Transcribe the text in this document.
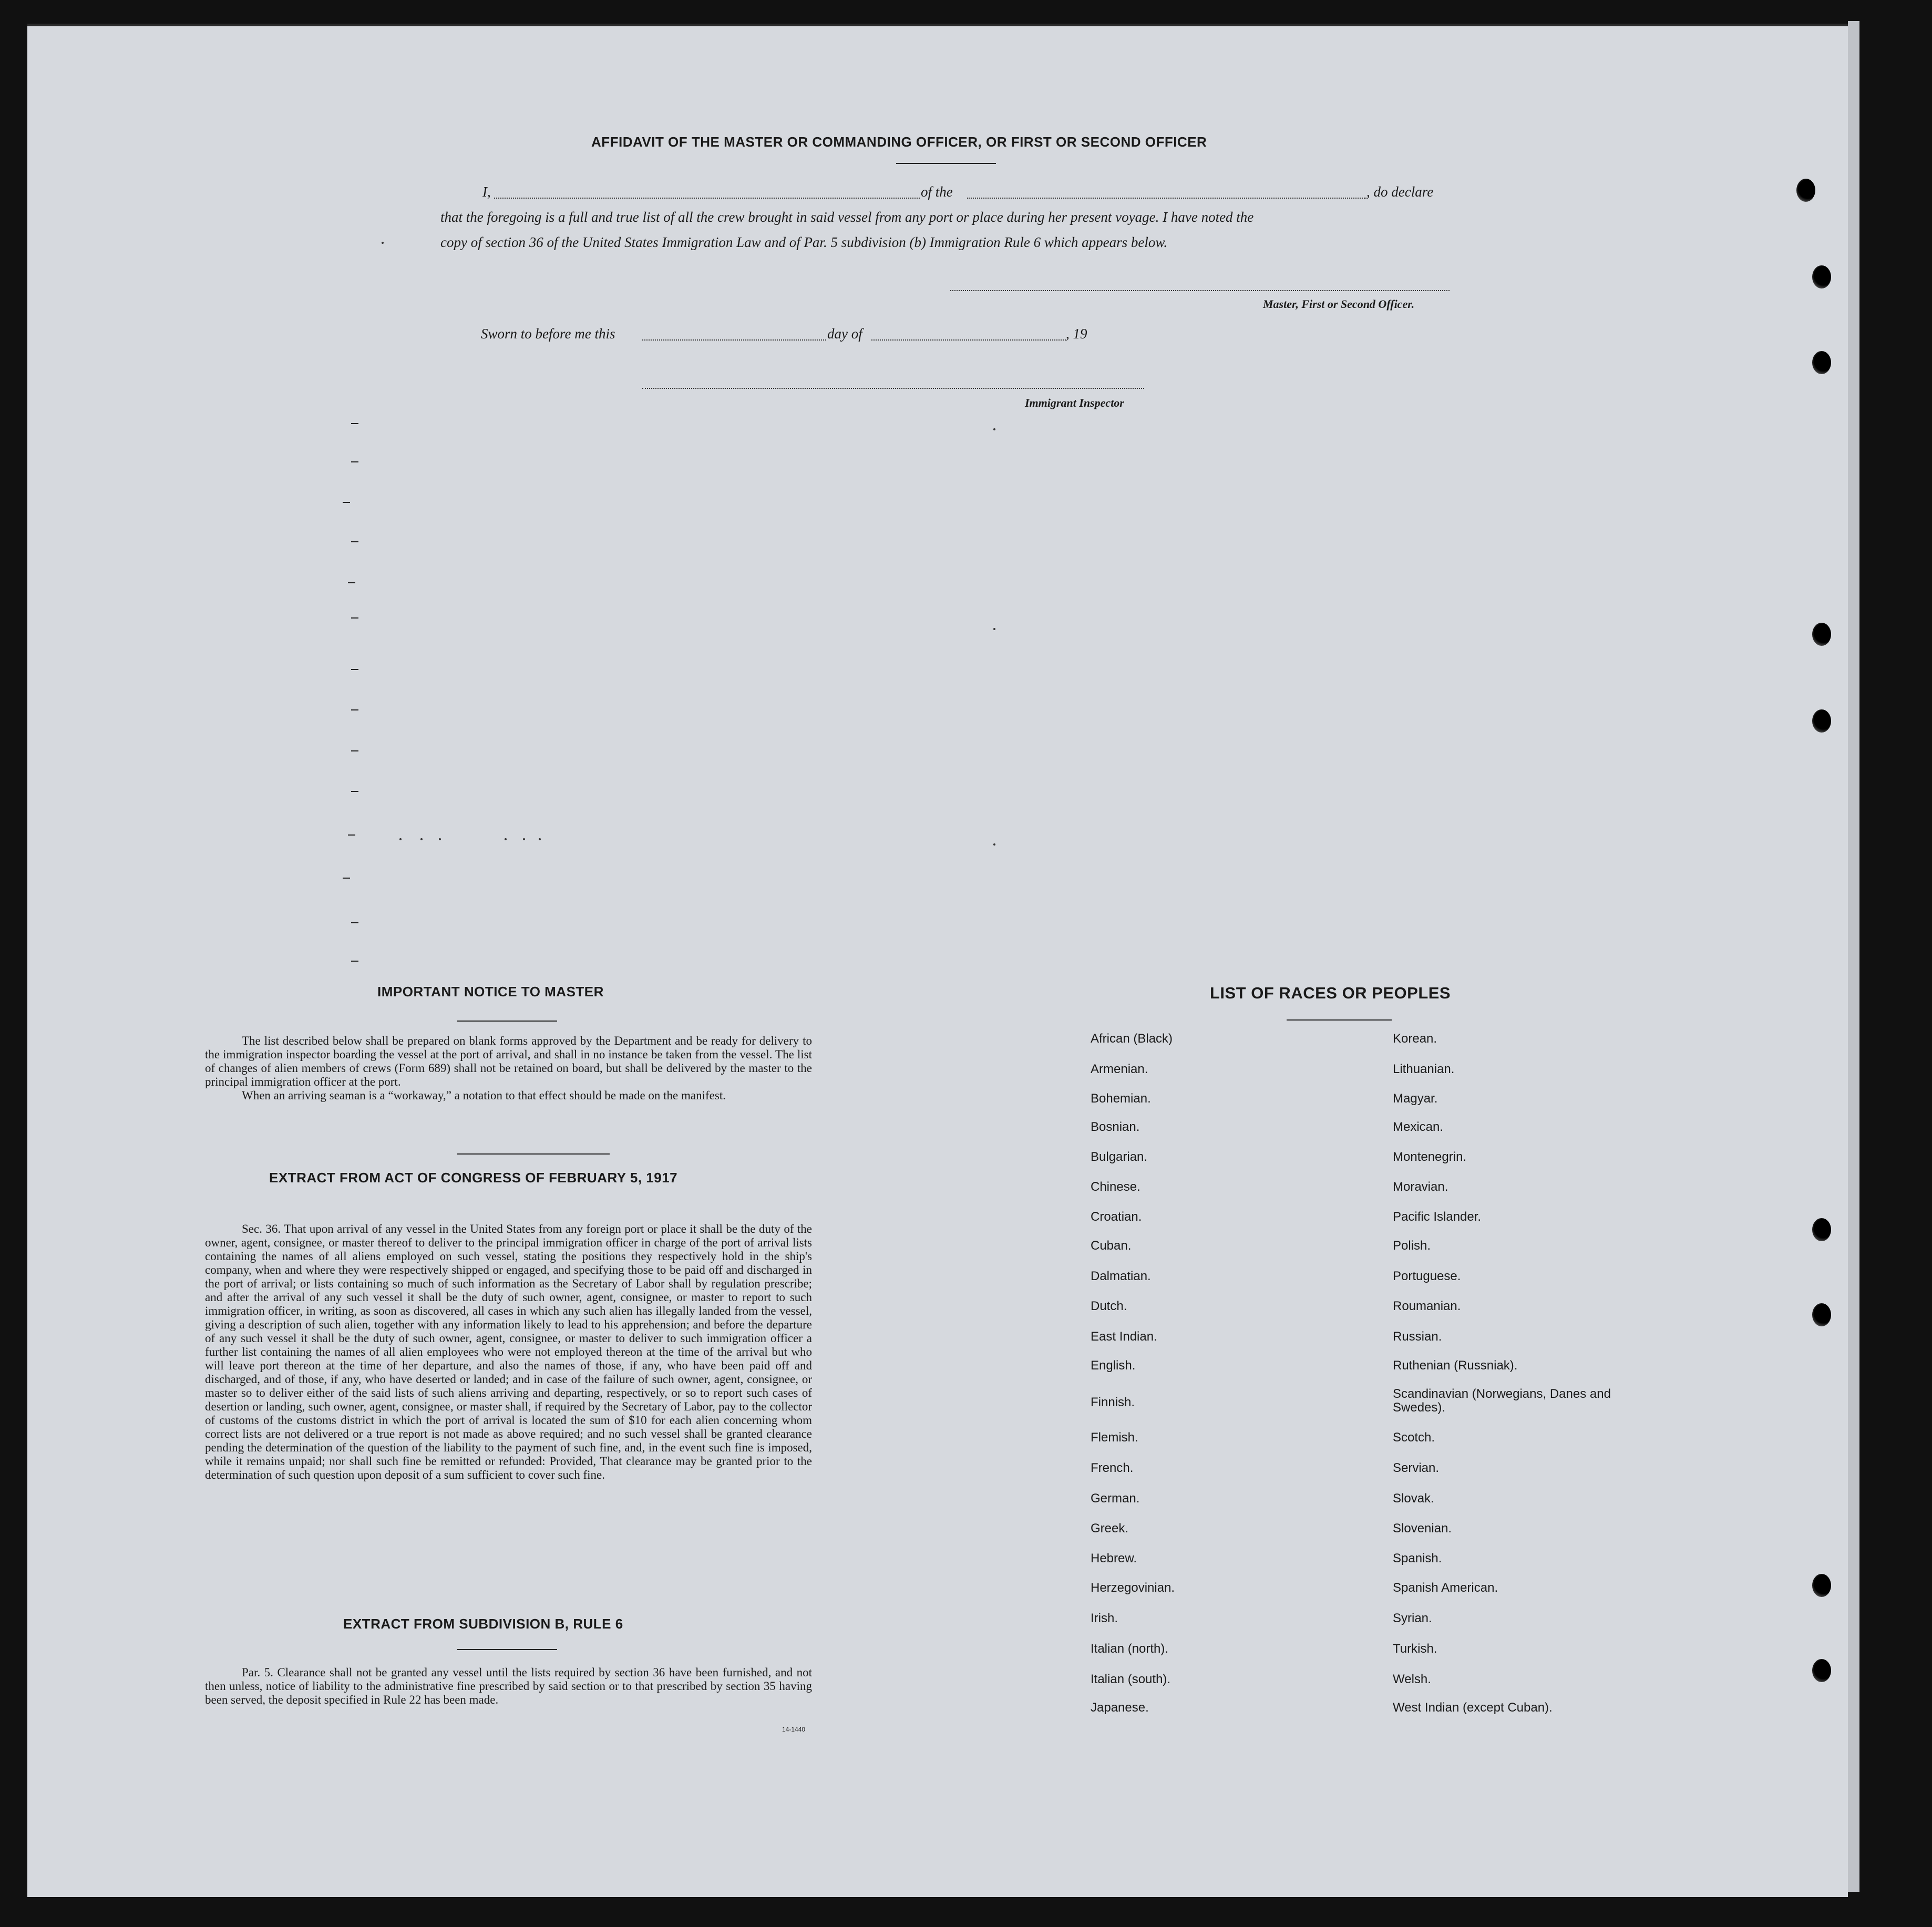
AFFIDAVIT OF THE MASTER OR COMMANDING OFFICER, OR FIRST OR SECOND OFFICER
I,	of the	, do declare
that the foregoing is a full and true list of all the crew brought in said vessel from any port or place during her present voyage. I have noted the
copy of section 36 of the United States Immigration Law and of Par. 5 subdivision (b) Immigration Rule 6 which appears below.
Master, First or Second Officer.
Sworn to before me this	day of	, 19
Immigrant Inspector
IMPORTANT NOTICE TO MASTER

The list described below shall be prepared on blank forms approved by the Department and be ready for delivery to the immigration inspector boarding the vessel at the port of arrival, and shall in no instance be taken from the vessel. The list of changes of alien members of crews (Form 689) shall not be retained on board, but shall be delivered by the master to the principal immigration officer at the port.

When an arriving seaman is a “workaway,” a notation to that effect should be made on the manifest.

EXTRACT FROM ACT OF CONGRESS OF FEBRUARY 5, 1917

Sec. 36. That upon arrival of any vessel in the United States from any foreign port or place it shall be the duty of the owner, agent, consignee, or master thereof to deliver to the principal immigration officer in charge of the port of arrival lists containing the names of all aliens employed on such vessel, stating the positions they respectively hold in the ship's company, when and where they were respectively shipped or engaged, and specifying those to be paid off and discharged in the port of arrival; or lists containing so much of such information as the Secretary of Labor shall by regulation prescribe; and after the arrival of any such vessel it shall be the duty of such owner, agent, consignee, or master to report to such immigration officer, in writing, as soon as discovered, all cases in which any such alien has illegally landed from the vessel, giving a description of such alien, together with any information likely to lead to his apprehension; and before the departure of any such vessel it shall be the duty of such owner, agent, consignee, or master to deliver to such immigration officer a further list containing the names of all alien employees who were not employed thereon at the time of the arrival but who will leave port thereon at the time of her departure, and also the names of those, if any, who have been paid off and discharged, and of those, if any, who have deserted or landed; and in case of the failure of such owner, agent, consignee, or master so to deliver either of the said lists of such aliens arriving and departing, respectively, or so to report such cases of desertion or landing, such owner, agent, consignee, or master shall, if required by the Secretary of Labor, pay to the collector of customs of the customs district in which the port of arrival is located the sum of $10 for each alien concerning whom correct lists are not delivered or a true report is not made as above required; and no such vessel shall be granted clearance pending the determination of the question of the liability to the payment of such fine, and, in the event such fine is imposed, while it remains unpaid; nor shall such fine be remitted or refunded: Provided, That clearance may be granted prior to the determination of such question upon deposit of a sum sufficient to cover such fine.

EXTRACT FROM SUBDIVISION B, RULE 6

Par. 5. Clearance shall not be granted any vessel until the lists required by section 36 have been furnished, and not then unless, notice of liability to the administrative fine prescribed by said section or to that prescribed by section 35 having been served, the deposit specified in Rule 22 has been made.

14-1440
LIST OF RACES OR PEOPLES
African (Black)
Armenian.
Bohemian.
Bosnian.
Bulgarian.
Chinese.
Croatian.
Cuban.
Dalmatian.
Dutch.
East Indian.
English.
Finnish.
Flemish.
French.
German.
Greek.
Hebrew.
Herzegovinian.
Irish.
Italian (north).
Italian (south).
Japanese.
Korean.
Lithuanian.
Magyar.
Mexican.
Montenegrin.
Moravian.
Pacific Islander.
Polish.
Portuguese.
Roumanian.
Russian.
Ruthenian (Russniak).
Scandinavian (Norwegians, Danes and Swedes).
Scotch.
Servian.
Slovak.
Slovenian.
Spanish.
Spanish American.
Syrian.
Turkish.
Welsh.
West Indian (except Cuban).
